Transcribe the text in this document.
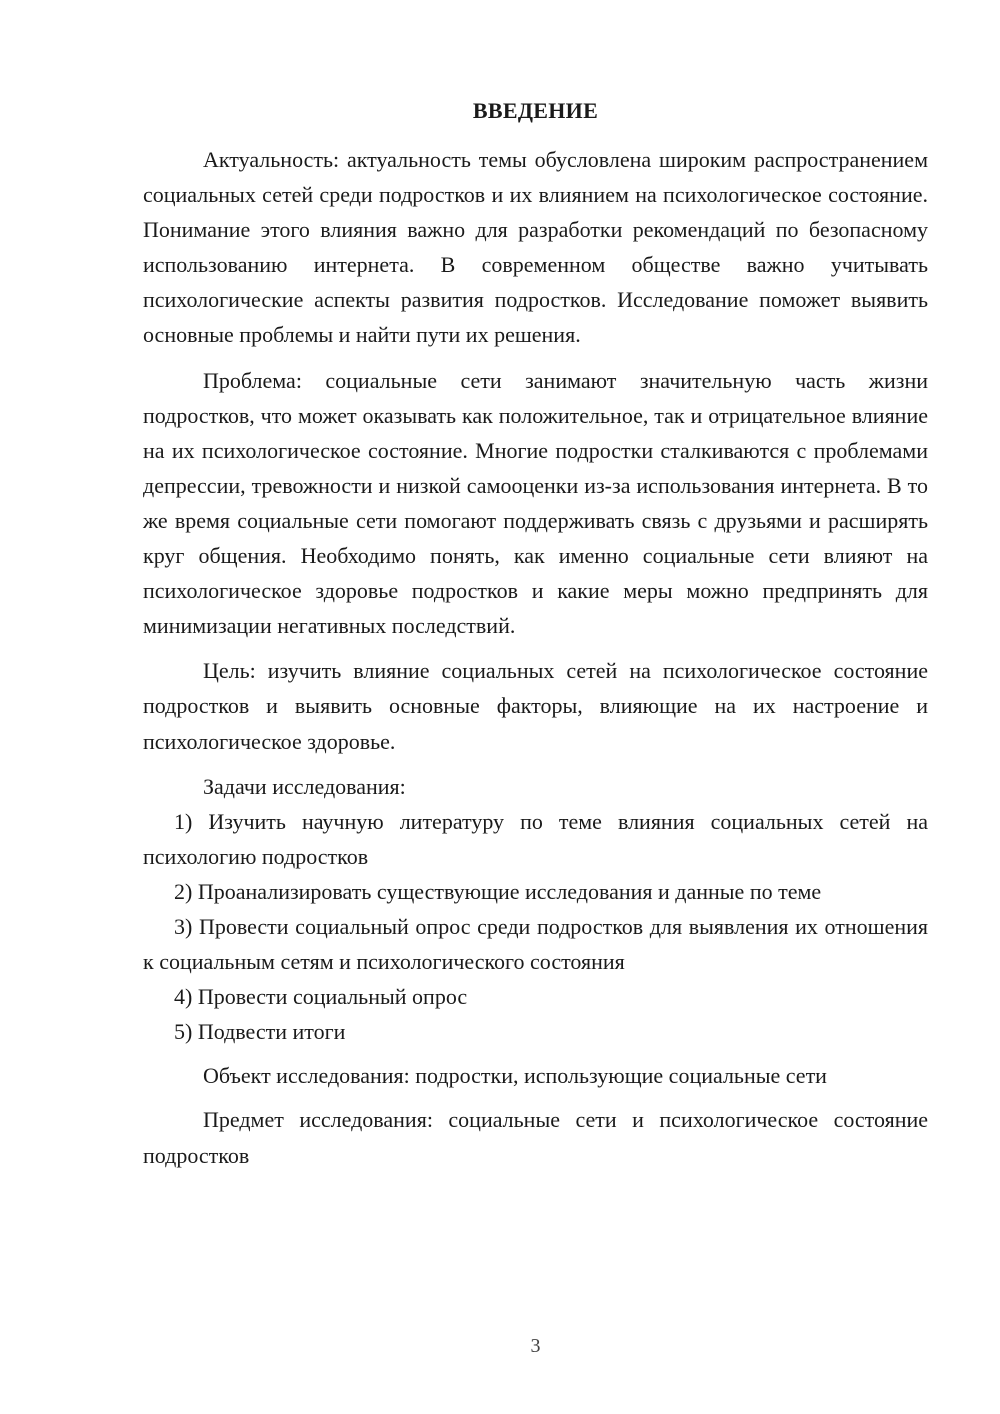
ВВЕДЕНИЕ

Актуальность: актуальность темы обусловлена широким распространением социальных сетей среди подростков и их влиянием на психологическое состояние. Понимание этого влияния важно для разработки рекомендаций по безопасному использованию интернета. В современном обществе важно учитывать психологические аспекты развития подростков. Исследование поможет выявить основные проблемы и найти пути их решения.

Проблема: социальные сети занимают значительную часть жизни подростков, что может оказывать как положительное, так и отрицательное влияние на их психологическое состояние. Многие подростки сталкиваются с проблемами депрессии, тревожности и низкой самооценки из-за использования интернета. В то же время социальные сети помогают поддерживать связь с друзьями и расширять круг общения. Необходимо понять, как именно социальные сети влияют на психологическое здоровье подростков и какие меры можно предпринять для минимизации негативных последствий.

Цель: изучить влияние социальных сетей на психологическое состояние подростков и выявить основные факторы, влияющие на их настроение и психологическое здоровье.

Задачи исследования:

1) Изучить научную литературу по теме влияния социальных сетей на психологию подростков

2) Проанализировать существующие исследования и данные по теме

3) Провести социальный опрос среди подростков для выявления их отношения к социальным сетям и психологического состояния

4) Провести социальный опрос

5) Подвести итоги

Объект исследования: подростки, использующие социальные сети

Предмет исследования: социальные сети и психологическое состояние подростков

3
